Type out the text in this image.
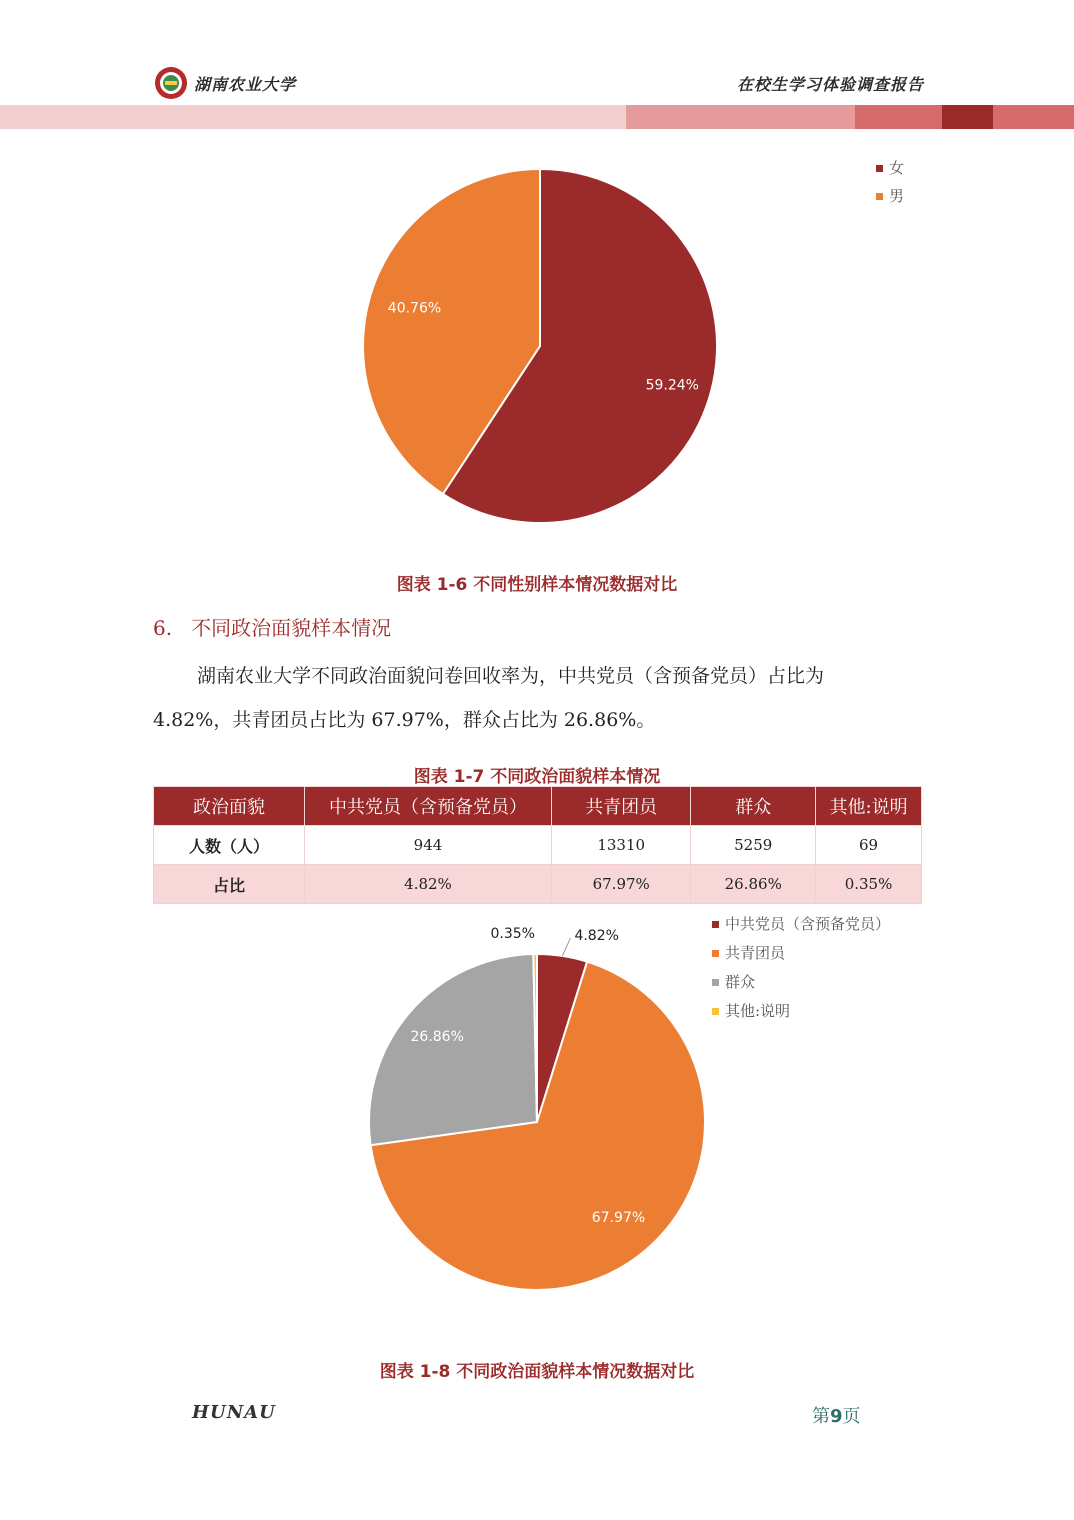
湖南农业大学	在校生学习体验调查报告
59.24%
40.76%
女
男
图表 1-6 不同性别样本情况数据对比
6.   不同政治面貌样本情况
湖南农业大学不同政治面貌问卷回收率为，中共党员（含预备党员）占比为
4.82%，共青团员占比为 67.97%，群众占比为 26.86%。
图表 1-7 不同政治面貌样本情况
政治面貌	中共党员（含预备党员）	共青团员	群众	其他:说明
人数（人）	944	13310	5259	69
占比	4.82%	67.97%	26.86%	0.35%
4.82%
67.97%
26.86%
0.35%
中共党员（含预备党员）
共青团员
群众
其他:说明
图表 1-8 不同政治面貌样本情况数据对比
HUNAU	第9页
